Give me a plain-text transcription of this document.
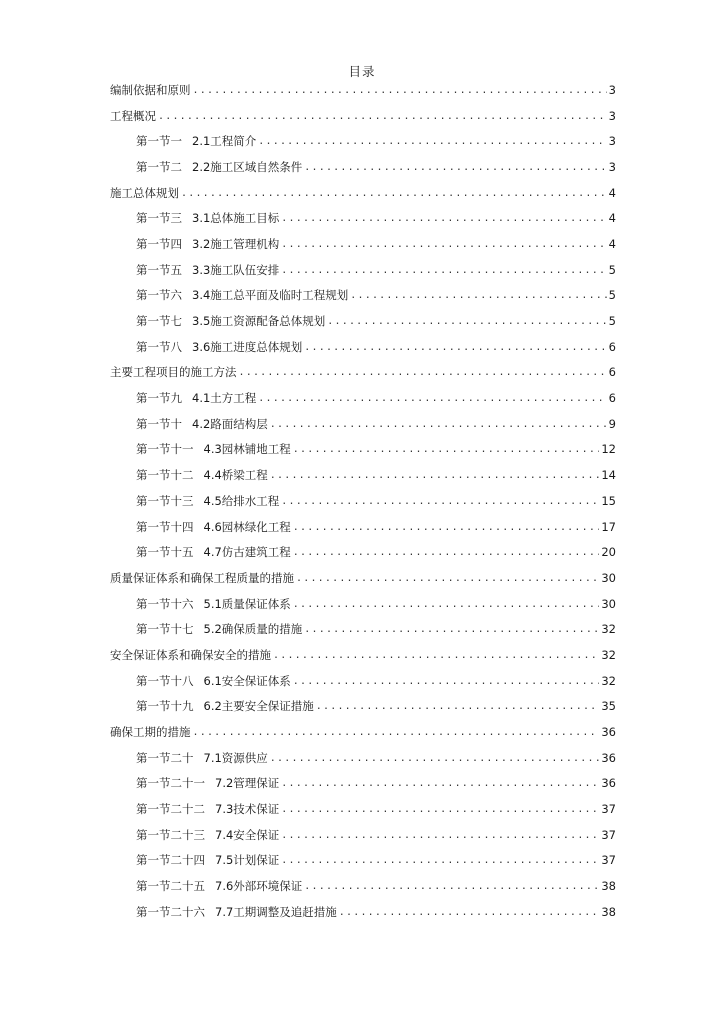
目录
编制依据和原则 .....	3
工程概况 .....	3
第一节一 2.1工程简介 .....	3
第一节二 2.2施工区域自然条件 .....	3
施工总体规划 .....	4
第一节三 3.1总体施工目标 .....	4
第一节四 3.2施工管理机构 .....	4
第一节五 3.3施工队伍安排 .....	5
第一节六 3.4施工总平面及临时工程规划 .....	5
第一节七 3.5施工资源配备总体规划 .....	5
第一节八 3.6施工进度总体规划 .....	6
主要工程项目的施工方法 .....	6
第一节九 4.1土方工程 .....	6
第一节十 4.2路面结构层 .....	9
第一节十一 4.3园林铺地工程 .....	12
第一节十二 4.4桥梁工程 .....	14
第一节十三 4.5给排水工程 .....	15
第一节十四 4.6园林绿化工程 .....	17
第一节十五 4.7仿古建筑工程 .....	20
质量保证体系和确保工程质量的措施 .....	30
第一节十六 5.1质量保证体系 .....	30
第一节十七 5.2确保质量的措施 .....	32
安全保证体系和确保安全的措施 .....	32
第一节十八 6.1安全保证体系 .....	32
第一节十九 6.2主要安全保证措施 .....	35
确保工期的措施 .....	36
第一节二十 7.1资源供应 .....	36
第一节二十一 7.2管理保证 .....	36
第一节二十二 7.3技术保证 .....	37
第一节二十三 7.4安全保证 .....	37
第一节二十四 7.5计划保证 .....	37
第一节二十五 7.6外部环境保证 .....	38
第一节二十六 7.7工期调整及追赶措施 .....	38
